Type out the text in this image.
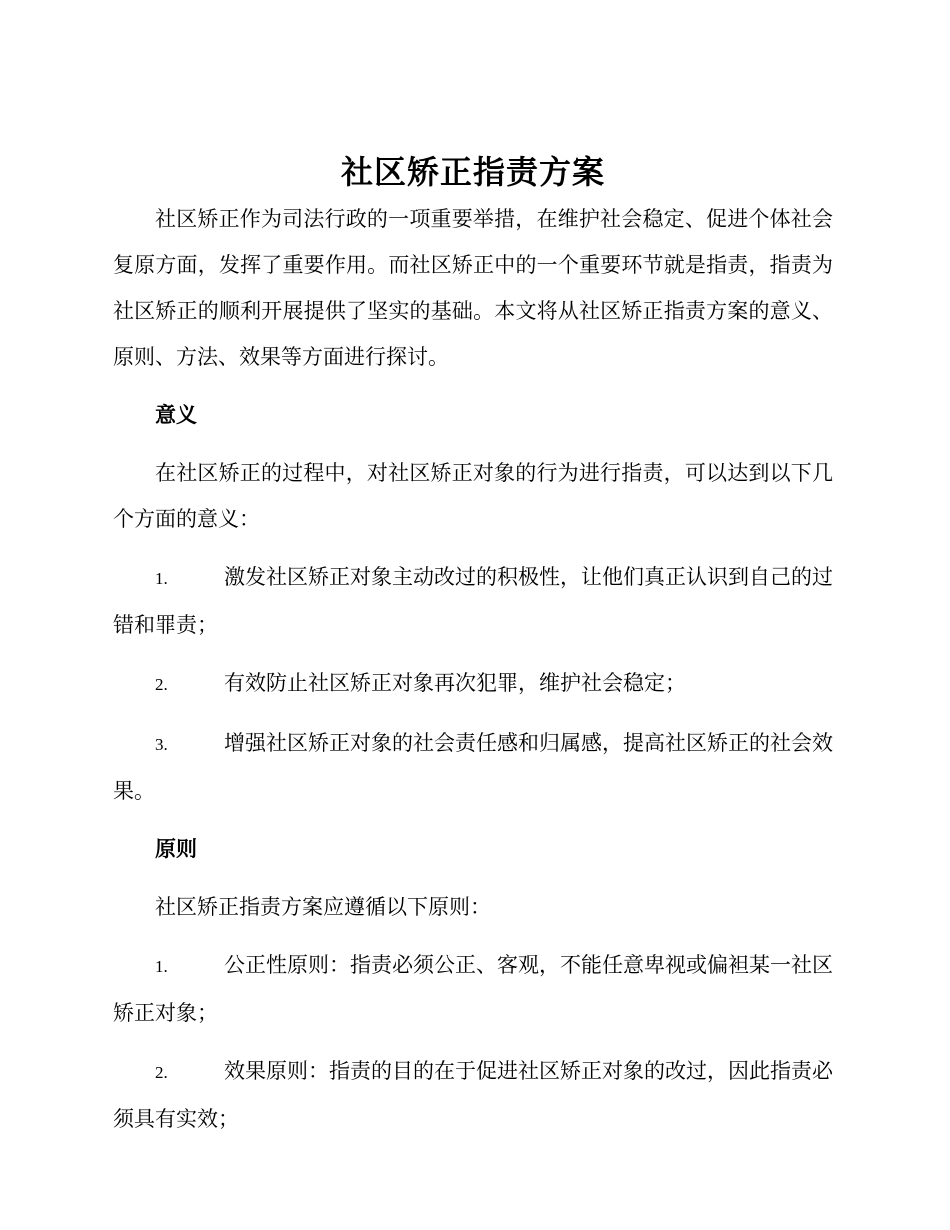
社区矫正指责方案

社区矫正作为司法行政的一项重要举措，在维护社会稳定、促进个体社会复原方面，发挥了重要作用。而社区矫正中的一个重要环节就是指责，指责为社区矫正的顺利开展提供了坚实的基础。本文将从社区矫正指责方案的意义、原则、方法、效果等方面进行探讨。

意义

在社区矫正的过程中，对社区矫正对象的行为进行指责，可以达到以下几个方面的意义：

1.	激发社区矫正对象主动改过的积极性，让他们真正认识到自己的过错和罪责；

2.	有效防止社区矫正对象再次犯罪，维护社会稳定；

3.	增强社区矫正对象的社会责任感和归属感，提高社区矫正的社会效果。

原则

社区矫正指责方案应遵循以下原则：

1.	公正性原则：指责必须公正、客观，不能任意卑视或偏袒某一社区矫正对象；

2.	效果原则：指责的目的在于促进社区矫正对象的改过，因此指责必须具有实效；
